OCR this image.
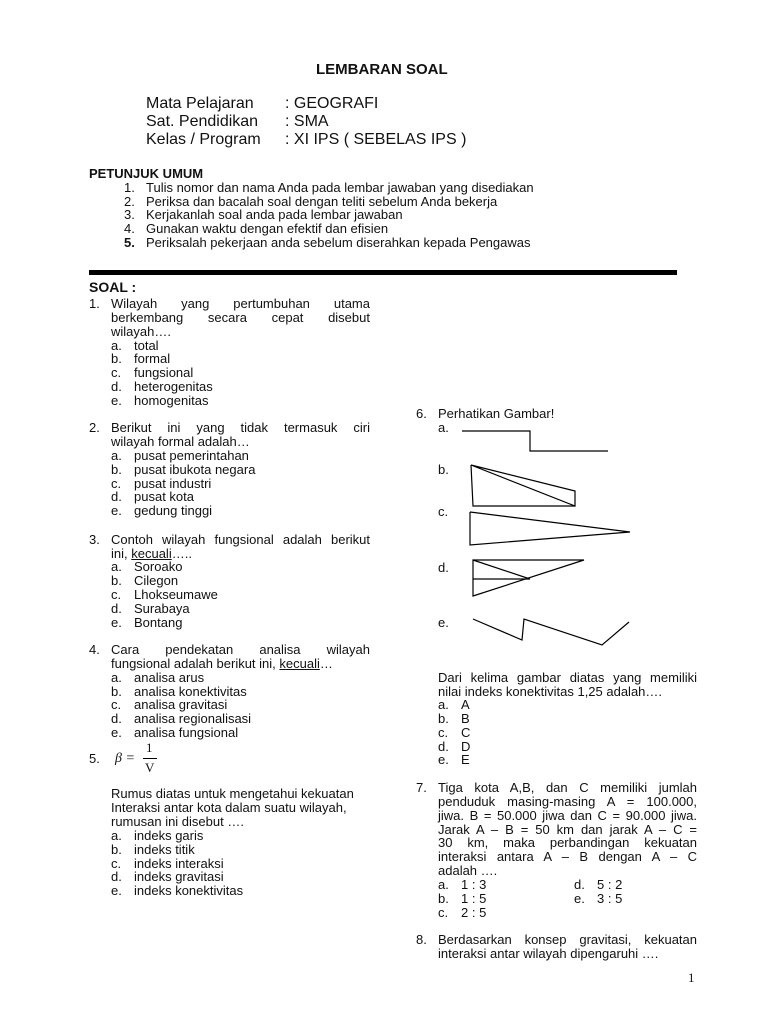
LEMBARAN SOAL
Mata Pelajaran : GEOGRAFI
Sat. Pendidikan : SMA
Kelas / Program : XI IPS ( SEBELAS IPS )
PETUNJUK UMUM
1. Tulis nomor dan nama Anda pada lembar jawaban yang disediakan
2. Periksa dan bacalah soal dengan teliti sebelum Anda bekerja
3. Kerjakanlah soal anda pada lembar jawaban
4. Gunakan waktu dengan efektif dan efisien
5. Periksalah pekerjaan anda sebelum diserahkan kepada Pengawas
SOAL :
1. Wilayah yang pertumbuhan utama
berkembang secara cepat disebut
wilayah….
a. total
b. formal
c. fungsional
d. heterogenitas
e. homogenitas
2. Berikut ini yang tidak termasuk ciri
wilayah formal adalah…
a. pusat pemerintahan
b. pusat ibukota negara
c. pusat industri
d. pusat kota
e. gedung tinggi
3. Contoh wilayah fungsional adalah berikut
ini, kecuali…..
a. Soroako
b. Cilegon
c. Lhokseumawe
d. Surabaya
e. Bontang
4. Cara pendekatan analisa wilayah
fungsional adalah berikut ini, kecuali…
a. analisa arus
b. analisa konektivitas
c. analisa gravitasi
d. analisa regionalisasi
e. analisa fungsional
5. β =
1
V
Rumus diatas untuk mengetahui kekuatan
Interaksi antar kota dalam suatu wilayah,
rumusan ini disebut ….
a. indeks garis
b. indeks titik
c. indeks interaksi
d. indeks gravitasi
e. indeks konektivitas
6. Perhatikan Gambar!
a.
b.
c.
d.
e.
Dari kelima gambar diatas yang memiliki
nilai indeks konektivitas 1,25 adalah….
a. A
b. B
c. C
d. D
e. E
7. Tiga kota A,B, dan C memiliki jumlah
penduduk masing-masing A = 100.000,
jiwa. B = 50.000 jiwa dan C = 90.000 jiwa.
Jarak A – B = 50 km dan jarak A – C =
30 km, maka perbandingan kekuatan
interaksi antara A – B dengan A – C
adalah ….
a. 1 : 3
b. 1 : 5
c. 2 : 5
d. 5 : 2
e. 3 : 5
8. Berdasarkan konsep gravitasi, kekuatan
interaksi antar wilayah dipengaruhi ….
1
